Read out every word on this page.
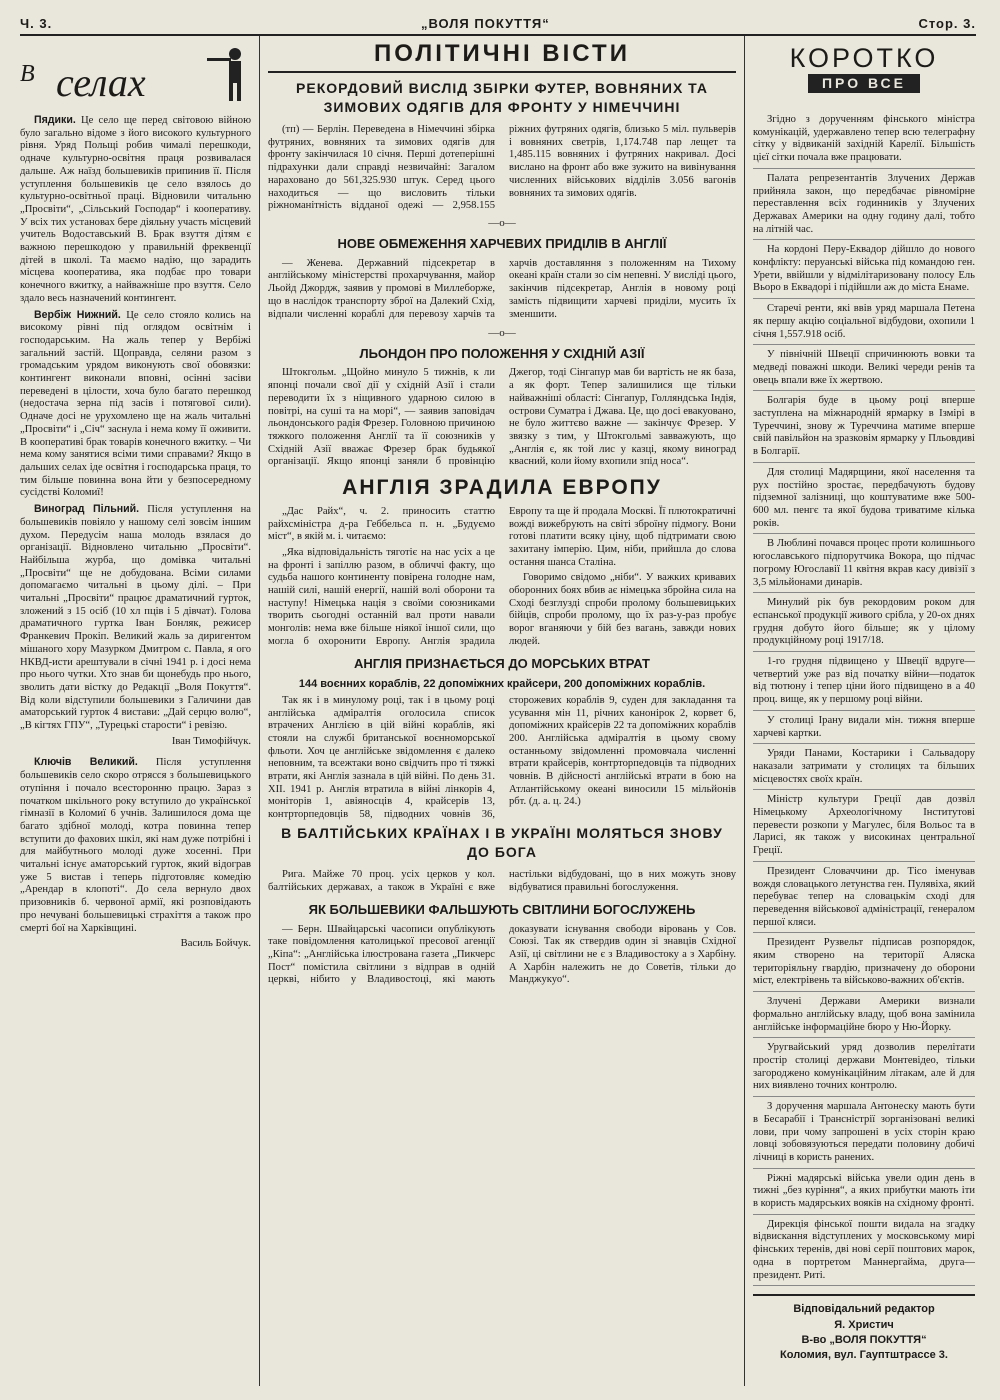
Ч. 3.	„ВОЛЯ ПОКУТТЯ“	Стор. 3.
В селах

Пядики. Це село ще перед світовою війною було загально відоме з його високого культурного рівня. Уряд Польщі робив чималі перешкоди, одначе культурно-освітня праця розвивалася дальше. Аж наїзд большевиків припинив її. Після уступлення большевиків це село взялось до культурно-освітньої праці. Відновили читальню „Просвіти“, „Сільський Господар“ і кооперативу. У всіх тих установах бере діяльну участь місцевий учитель Водоставський В. Брак взуття дітям є важною перешкодою у правильній фреквенції дітей в школі. Та маємо надію, що зарадить місцева кооператива, яка подбає про товари конечного вжитку, а найважніше про взуття. Село здало весь назначений контингент.

Вербіж Нижний. Це село стояло колись на високому рівні під оглядом освітнім і господарським. На жаль тепер у Вербіжі загальний застій. Щоправда, селяни разом з громадським урядом виконують свої обовязки: контингент виконали вповні, осінні засіви переведені в цілости, хоча було багато перешкод (недостача зерна під засів і потягової сили). Одначе досі не урухомлено ще на жаль читальні „Просвіти“ і „Січ“ заснула і нема кому її оживити. В кооперативі брак товарів конечного вжитку. – Чи нема кому занятися всіми тими справами? Якщо в дальших селах іде освітня і господарська праця, то тим більше повинна вона йти у безпосередному сусідстві Коломиї!

Виноград Пільний. Після уступлення на большевиків повіяло у нашому селі зовсім іншим духом. Передусім наша молодь взялася до організації. Відновлено читальню „Просвіти“. Найбільша журба, що домівка читальні „Просвіти“ ще не добудована. Всіми силами допомагаємо читальні в цьому ділі. – При читальні „Просвіти“ працює драматичний гурток, зложений з 15 осіб (10 хл пців і 5 дівчат). Голова драматичного гуртка Іван Бонляк, режисер Франкевич Прокіп. Великий жаль за диригентом мішаного хору Мазурком Дмитром с. Павла, я ого НКВД-исти арештували в січні 1941 р. і досі нема про нього чутки. Хто знав би щонебудь про нього, зволить дати вістку до Редакції „Воля Покуття“. Від коли відступили большевики з Галичини дав аматорський гурток 4 вистави: „Дай серцю волю“, „В кігтях ГПУ“, „Турецькі старости“ і ревізю.

Іван Тимофійчук.

Ключів Великий. Після уступлення большевиків село скоро отрясся з большевицького отупіння і почало всесторонню працю. Зараз з початком шкільного року вступило до української гімназії в Коломиї 6 учнів. Залишилося дома ще багато здібної молоді, котра повинна тепер вступити до фахових шкіл, які нам дуже потрібні і для майбутнього молоді дуже хосенні. При читальні існує аматорський гурток, який відограв уже 5 вистав і теперь підготовляє комедію „Арендар в клопоті“. До села вернуло двох призовників б. червоної армії, які розповідають про нечувані большевицькі страхіття а також про смерті бої на Харківщині.

Василь Бойчук.
ПОЛІТИЧНІ ВІСТИ
РЕКОРДОВИЙ ВИСЛІД ЗБІРКИ ФУТЕР, ВОВНЯНИХ ТА ЗИМОВИХ ОДЯГІВ ДЛЯ ФРОНТУ У НІМЕЧЧИНІ

(тп) — Берлін. Переведена в Німеччині збірка футряних, вовняних та зимових одягів для фронту закінчилася 10 січня. Перші дотеперішні підрахунки дали справді незвичайні: Загалом нараховано до 561,325.930 штук. Серед цього находиться — що висловить тільки ріжноманітність відданої одежі — 2,958.155 ріжних футряних одягів, близько 5 міл. пульверів і вовняних светрів, 1,174.748 пар лещет та 1,485.115 вовняних і футряних накривал. Досі вислано на фронт або вже зужито на вивінування численних військових відділів 3.056 вагонів вовняних та зимових одягів.

—о—
НОВЕ ОБМЕЖЕННЯ ХАРЧЕВИХ ПРИДІЛІВ В АНГЛІЇ

— Женева. Державний підсекретар в англійському міністерстві прохарчування, майор Льойд Джордж, заявив у промові в Миллеборже, що в наслідок транспорту зброї на Далекий Схід, відпали численні кораблі для перевозу харчів та харчів доставляння з положенням на Тихому океані країн стали зо сім непевні. У висліді цього, закінчив підсекретар, Англія в новому році замість підвищити харчеві приділи, мусить їх зменшити.

—о—
ЛЬОНДОН ПРО ПОЛОЖЕННЯ У СХІДНІЙ АЗІЇ

Штокгольм. „Щойно минуло 5 тижнів, к ли японці почали свої дії у східній Азії і стали переводити їх з ніщивного ударною силою в повітрі, на суші та на морі“, — заявив заповідач льондонського радія Фрезер. Головною причиною тяжкого положення Англії та її союзників у Східній Азії вважає Фрезер брак будьякої організації. Якщо японці заняли б провінцію Джегор, тоді Сінгапур мав би вартість не як база, а як форт. Тепер залишилися ще тільки найважніші області: Сінгапур, Голляндська Індія, острови Суматра і Джава. Це, що досі евакуовано, не було життєво важне — закінчує Фрезер. У звязку з тим, у Штокгольмі завважують, що „Англія є, як той лис у казці, якому виноград квасний, коли йому вхопили зпід носа“.

АНГЛІЯ ЗРАДИЛА ЕВРОПУ

„Дас Райх“, ч. 2. приносить статтю райхсміністра д-ра Геббельса п. н. „Будуємо міст“, в якій м. і. читаємо:

„Яка відповідальність тяготіє на нас усіх а це на фронті і запіллю разом, в обличчі факту, що судьба нашого континенту повірена голодне нам, нашій силі, нашій енергії, нашій волі оборони та наступу! Німецька нація з своїми союзниками творить сьогодні останній вал проти навали монголів: нема вже більше ніякої іншої сили, що могла б охоронити Европу. Англія зрадила Европу та ще й продала Москві. Її плютократичні вожді вижебрують на світі зброїну підмогу. Вони готові платити всяку ціну, щоб підтримати свою захитану імперію. Цим, ніби, прийшла до слова остання шанса Сталіна.

Говоримо свідомо „ніби“. У важких кривавих оборонних боях вбив ає німецька збройна сила на Сході безглузді спроби пролому большевицьких бійців, спроби пролому, що їх раз-у-раз пробує ворог вганяючи у бій без вагань, завжди нових людей.

АНГЛІЯ ПРИЗНАЄТЬСЯ ДО МОРСЬКИХ ВТРАТ
144 воєнних кораблів, 22 допоміжних крайсери, 200 допоміжних кораблів.

Так як і в минулому році, так і в цьому році англійська адміралтія оголосила список втрачених Англією в цій війні кораблів, які стояли на службі британської воєнноморської фльоти. Хоч це англійське звідомлення є далеко неповним, та всежтаки воно свідчить про ті тяжкі втрати, які Англія зазнала в цій війні. По день 31. XII. 1941 р. Англія втратила в війні лінкорів 4, моніторів 1, авіяносців 4, крайсерів 13, контрторпедовців 58, підводних човнів 36, сторожевих кораблів 9, суден для закладання та усування мін 11, річних канонірок 2, корвет 6, допоміжних крайсерів 22 та допоміжних кораблів 200. Англійська адміралтія в цьому свому останньому звідомленні промовчала численні втрати крайсерів, контрторпедовців та підводних човнів. В дійсності англійські втрати в бою на Атлантійському океані виносили 15 мільйонів рбт. (д. а. ц. 24.)

В БАЛТІЙСЬКИХ КРАЇНАХ І В УКРАЇНІ МОЛЯТЬСЯ ЗНОВУ ДО БОГА

Рига. Майже 70 проц. усіх церков у кол. балтійських державах, а також в Україні є вже настільки відбудовані, що в них можуть знову відбуватися правильні богослуження.

ЯК БОЛЬШЕВИКИ ФАЛЬШУЮТЬ СВІТЛИНИ БОГОСЛУЖЕНЬ

— Берн. Швайцарські часописи опублікують таке повідомлення католицької пресової агенції „Кіпа“: „Англійська ілюстрована газета „Пикчерс Пост“ помістила світлини з відправ в одній церкві, нібито у Владивостоці, які мають доказувати існування свободи віровань у Сов. Союзі. Так як ствердив один зі знавців Східної Азії, ці світлини не є з Владивостоку а з Харбіну. А Харбін належить не до Советів, тільки до Манджукуо“.

КОРОТКО
ПРО ВСЕ

Згідно з дорученням фінського міністра комунікацій, удержавлено тепер всю телеграфну сітку у відвиканій західній Карелії. Більшість цієї сітки почала вже працювати.

Палата репрезентантів Злучених Держав прийняла закон, що передбачає рівномірне переставлення всіх годинників у Злучених Державах Америки на одну годину далі, тобто на літній час.

На кордоні Перу-Еквадор дійшло до нового конфлікту: перуанські війська під командою ген. Урети, ввійшли у відмілітаризовану полосу Ель Вьоро в Еквадорі і підійшли аж до міста Енаме.

Старечі ренти, які ввів уряд маршала Петена як першу акцію соціальної відбудови, охопили 1 січня 1,557.918 осіб.

У північній Швеції спричинюють вовки та медведі поважні шкоди. Великі череди ренів та овець впали вже їх жертвою.

Болгарія буде в цьому році вперше заступлена на міжнародній ярмарку в Ізмірі в Туреччині, знову ж Туреччина матиме вперше свій павільйон на зразковім ярмарку у Пльовдиві в Болгарії.

Для столиці Мадярщини, якої населення та рух постійно зростає, передбачують будову підземної залізниці, що коштуватиме вже 500-600 мл. пенгє та якої будова триватиме кілька років.

В Люблині почався процес проти колишнього югославського підпорутчика Вокора, що підчас погрому Югославії 11 квітня вкрав касу дивізії з 3,5 мільйонами динарів.

Минулий рік був рекордовим роком для еспанської продукції живого срібла, у 20-ох днях грудня добуто його більше; як у цілому продукційному році 1917/18.

1-го грудня підвищено у Швеції вдруге—четвертий уже раз від початку війни—податок від тютюну і тепер ціни його підвищено в а 40 проц. вище, як у першому році війни.

У столиці Ірану видали мін. тижня вперше харчеві картки.

Уряди Панами, Костарики і Сальвадору наказали затримати у столицях та більших місцевостях своїх країн.

Міністр культури Греції дав дозвіл Німецькому Археологічному Інститутові перевести розкопи у Магулес, біля Вольос та в Ларисі, як також у високинах центральної Греції.

Президент Словаччини др. Тісо іменував вождя словацького летунства ген. Пулявіха, який перебуває тепер на словацькім сході для переведення військової адміністрації, генералом першої кляси.

Президент Рузвельт підписав розпорядок, яким створено на території Аляска територіяльну гвардію, призначену до оборони міст, електрівень та військово-важних об'єктів.

Злучені Держави Америки визнали формально англійську владу, щоб вона замінила англійське інформаційне бюро у Ню-Йорку.

Уругвайський уряд дозволив перелітати простір столиці держави Монтевідео, тільки загороджено комунікаційним літакам, але й для них виявлено точних контролю.

З доручення маршала Антонеску мають бути в Бесарабії і Трансністрії зорганізовані великі лови, при чому запрошені в усіх сторін краю ловці зобовязуються передати половину добичі лічниці в користь ранених.

Ріжні мадярські війська увели один день в тижні „без куріння“, а яких прибутки мають іти в користь мадярських вояків на східному фронті.

Дирекція фінської пошти видала на згадку відвискання відступлених у московському мирі фінських теренів, дві нові серії поштових марок, одна в портретом Маннергайма, друга—президент. Риті.

Відповідальний редактор
Я. Христич
В-во „ВОЛЯ ПОКУТТЯ“
Коломия, вул. Гауптштрассе 3.
